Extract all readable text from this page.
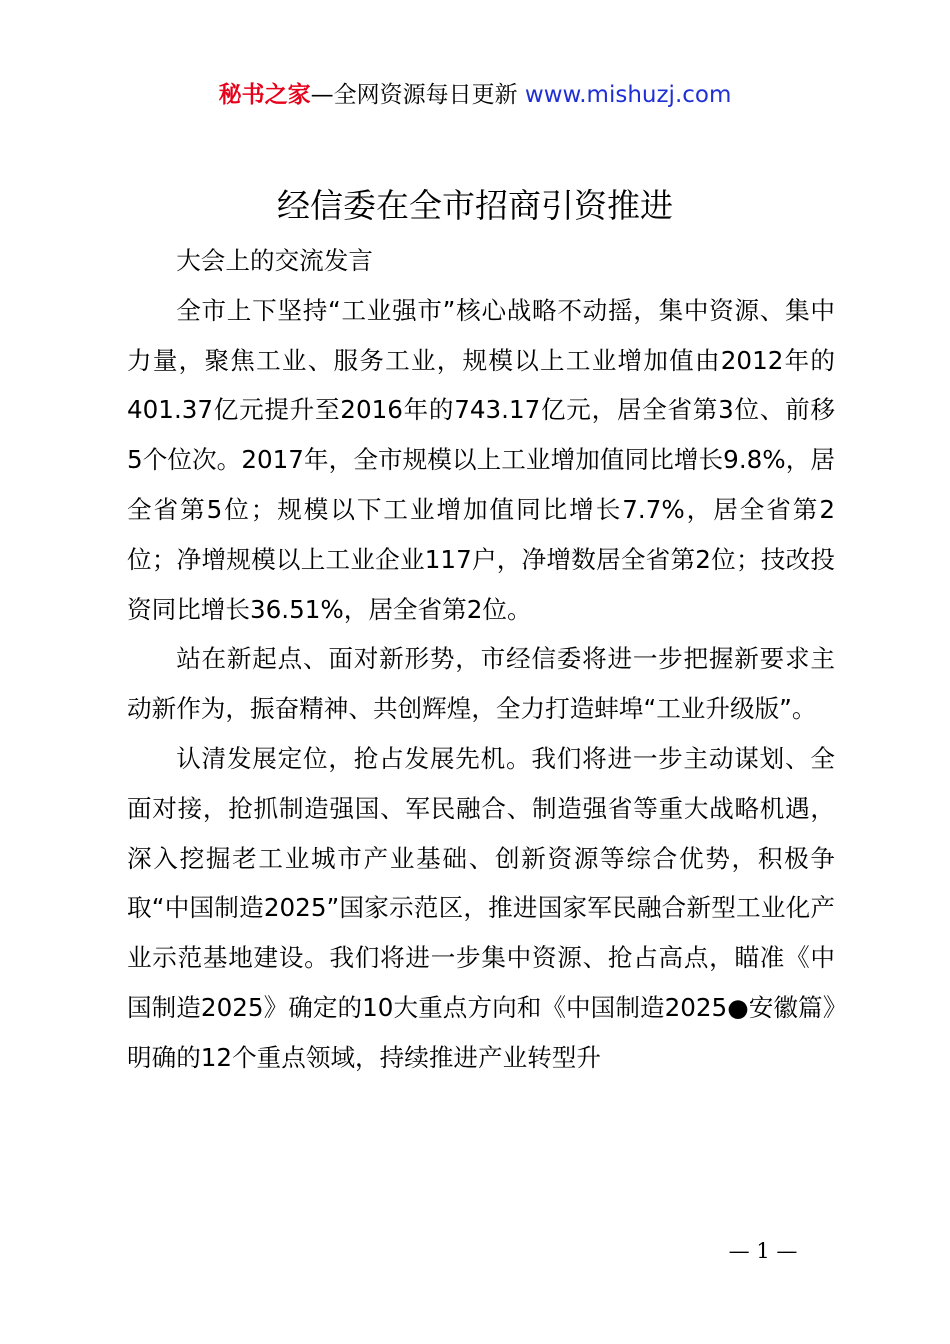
秘书之家—全网资源每日更新 www.mishuzj.com
经信委在全市招商引资推进

大会上的交流发言

全市上下坚持“工业强市”核心战略不动摇，集中资源、集中力量，聚焦工业、服务工业，规模以上工业增加值由2012年的401.37亿元提升至2016年的743.17亿元，居全省第3位、前移5个位次。2017年，全市规模以上工业增加值同比增长9.8%，居全省第5位；规模以下工业增加值同比增长7.7%，居全省第2位；净增规模以上工业企业117户，净增数居全省第2位；技改投资同比增长36.51%，居全省第2位。

站在新起点、面对新形势，市经信委将进一步把握新要求主动新作为，振奋精神、共创辉煌，全力打造蚌埠“工业升级版”。

认清发展定位，抢占发展先机。我们将进一步主动谋划、全面对接，抢抓制造强国、军民融合、制造强省等重大战略机遇，深入挖掘老工业城市产业基础、创新资源等综合优势，积极争取“中国制造2025”国家示范区，推进国家军民融合新型工业化产业示范基地建设。我们将进一步集中资源、抢占高点，瞄准《中国制造2025》确定的10大重点方向和《中国制造2025●安徽篇》明确的12个重点领域，持续推进产业转型升

— 1 —
